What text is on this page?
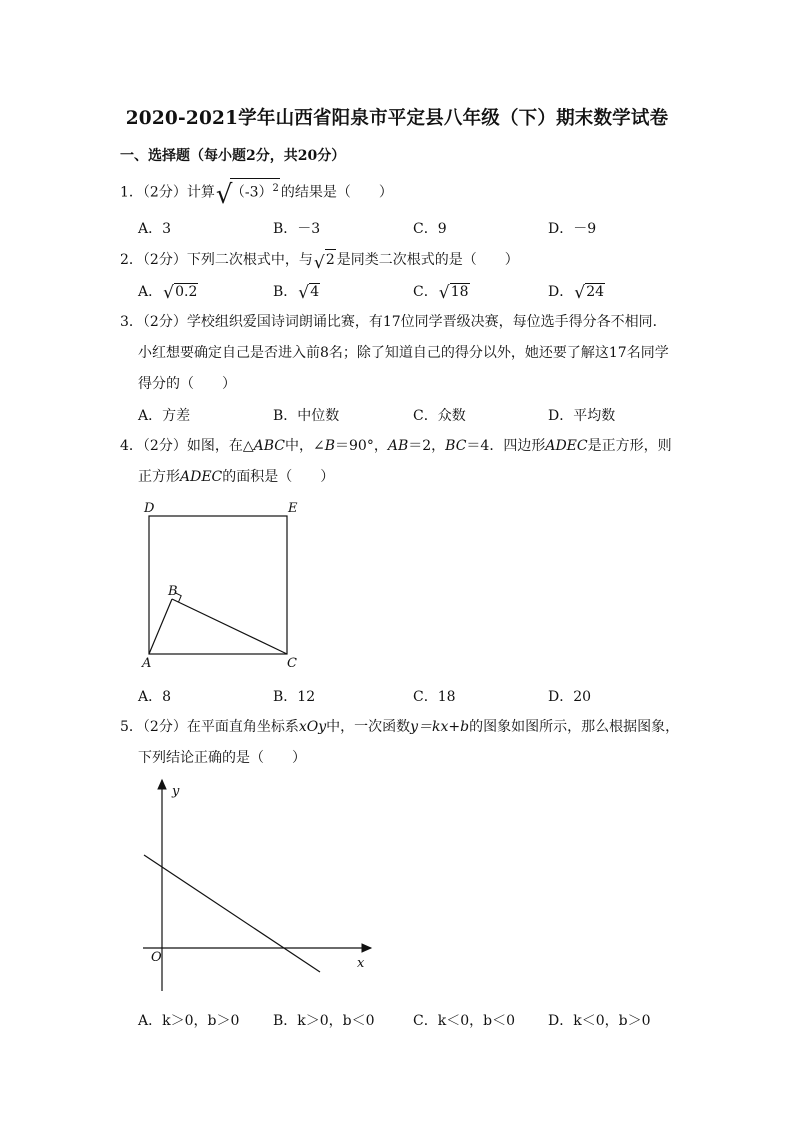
2020-2021学年山西省阳泉市平定县八年级（下）期末数学试卷
一、选择题（每小题2分，共20分）
1．（2分）计算 √
$(-3)^2$ 的结果是（　　）
A．3	B．－3	C．9	D．－9
2．（2分）下列二次根式中，与 √ 2 是同类二次根式的是（　　）
A． √ 0.2	B． √ 4	C． √ 18	D． √ 24
3．（2分）学校组织爱国诗词朗诵比赛，有17位同学晋级决赛，每位选手得分各不相同．
小红想要确定自己是否进入前8名；除了知道自己的得分以外，她还要了解这17名同学
得分的（　　）
A．方差	B．中位数	C．众数	D．平均数
4．（2分）如图，在△ABC中，∠B＝90°，AB＝2，BC＝4．四边形ADEC是正方形，则
正方形ADEC的面积是（　　）
D	E
A
B
C
A．8	B．12	C．18	D．20
5．（2分）在平面直角坐标系xOy中，一次函数y＝kx+b的图象如图所示，那么根据图象，
下列结论正确的是（　　）
y
x
O
A．k＞0，b＞0 B．k＞0，b＜0	C．k＜0，b＜0 D．k＜0，b＞0
